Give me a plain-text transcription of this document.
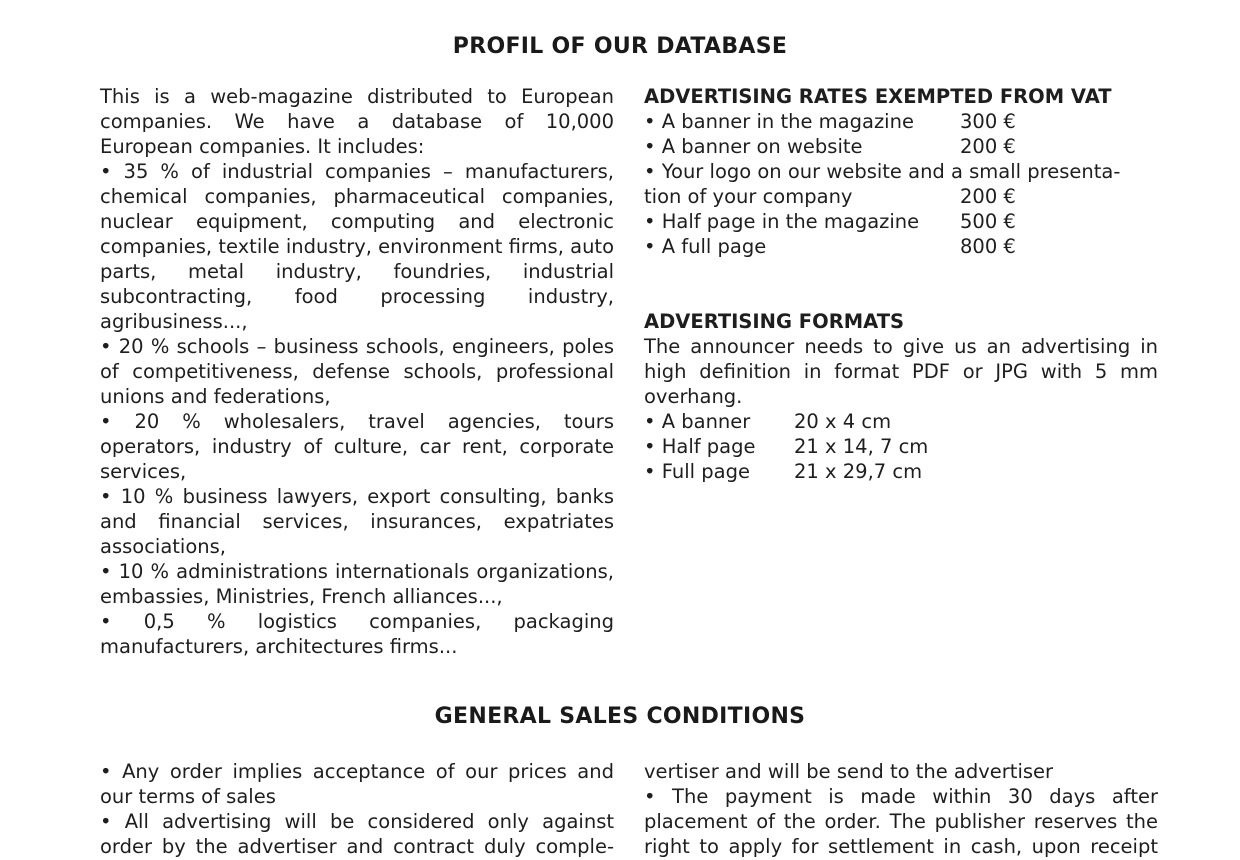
PROFIL OF OUR DATABASE

This is a web-magazine distributed to European companies. We have a database of 10,000 European companies. It includes:

• 35 % of industrial companies – manufacturers, chemical companies, pharmaceutical companies, nuclear equipment, computing and electronic companies, textile industry, environment firms, auto parts, metal industry, foundries, industrial subcontracting, food processing industry, agribusiness...,

• 20 % schools – business schools, engineers, poles of competitiveness, defense schools, professional unions and federations,

• 20 % wholesalers, travel agencies, tours operators, industry of culture, car rent, corporate services,

• 10 % business lawyers, export consulting, banks and financial services, insurances, expatriates associations,

• 10 % administrations internationals organizations, embassies, Ministries, French alliances...,

• 0,5 % logistics companies, packaging manufacturers, architectures firms...

ADVERTISING RATES EXEMPTED FROM VAT

• A banner in the magazine	300 €
• A banner on website	200 €
• Your logo on our website and a small presenta-
tion of your company	200 €
• Half page in the magazine	500 €
• A full page	800 €

ADVERTISING FORMATS

The announcer needs to give us an advertising in high definition in format PDF or JPG with 5 mm overhang.

• A banner	20 x 4 cm
• Half page	21 x 14, 7 cm
• Full page	21 x 29,7 cm
GENERAL SALES CONDITIONS

• Any order implies acceptance of our prices and our terms of sales

• All advertising will be considered only against order by the advertiser and contract duly comple-

vertiser and will be send to the advertiser

• The payment is made within 30 days after placement of the order. The publisher reserves the right to apply for settlement in cash, upon receipt
